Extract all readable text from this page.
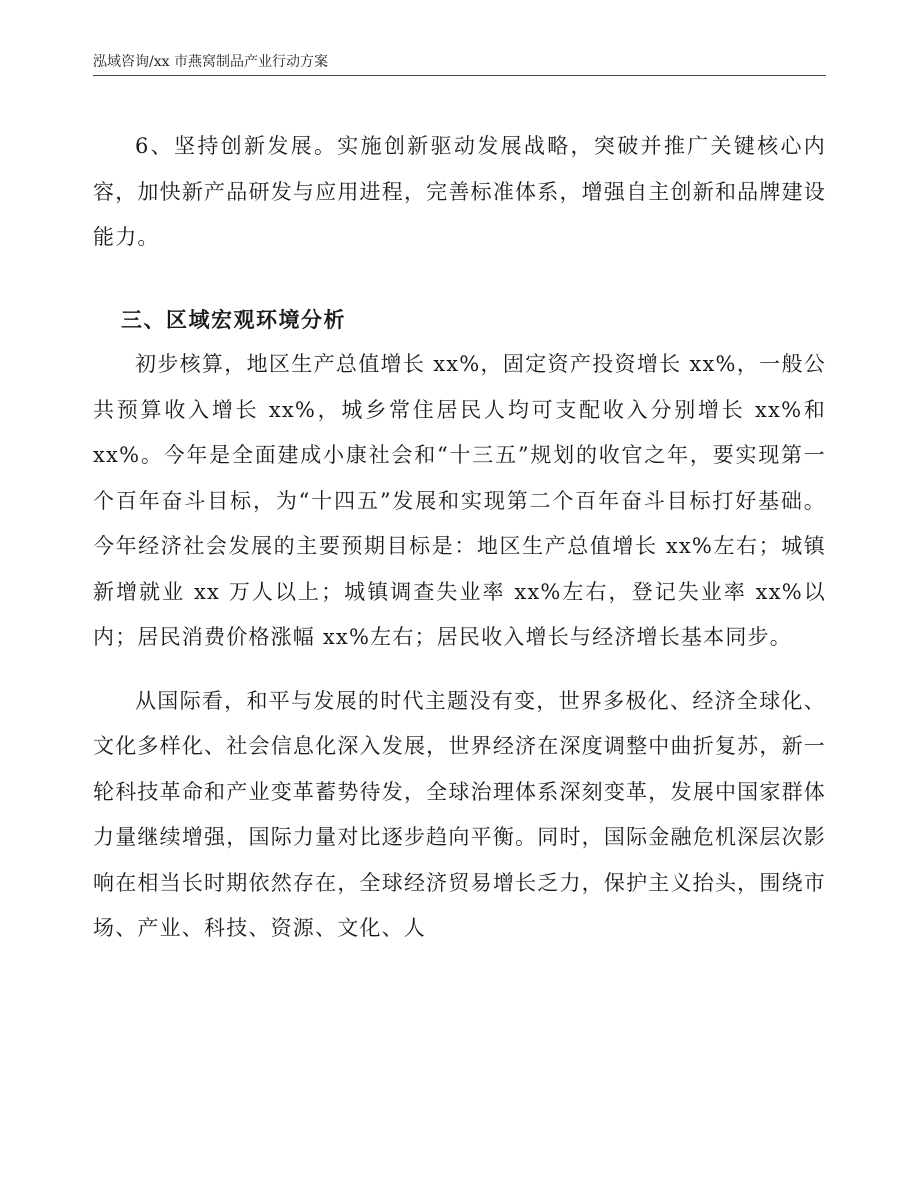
泓域咨询/xx 市燕窝制品产业行动方案

6、坚持创新发展。实施创新驱动发展战略，突破并推广关键核心内容，加快新产品研发与应用进程，完善标准体系，增强自主创新和品牌建设能力。

三、区域宏观环境分析

初步核算，地区生产总值增长 xx%，固定资产投资增长 xx%，一般公共预算收入增长 xx%，城乡常住居民人均可支配收入分别增长 xx%和 xx%。今年是全面建成小康社会和“十三五”规划的收官之年，要实现第一个百年奋斗目标，为“十四五”发展和实现第二个百年奋斗目标打好基础。今年经济社会发展的主要预期目标是：地区生产总值增长 xx%左右；城镇新增就业 xx 万人以上；城镇调查失业率 xx%左右，登记失业率 xx%以内；居民消费价格涨幅 xx%左右；居民收入增长与经济增长基本同步。

从国际看，和平与发展的时代主题没有变，世界多极化、经济全球化、文化多样化、社会信息化深入发展，世界经济在深度调整中曲折复苏，新一轮科技革命和产业变革蓄势待发，全球治理体系深刻变革，发展中国家群体力量继续增强，国际力量对比逐步趋向平衡。同时，国际金融危机深层次影响在相当长时期依然存在，全球经济贸易增长乏力，保护主义抬头，围绕市场、产业、科技、资源、文化、人
